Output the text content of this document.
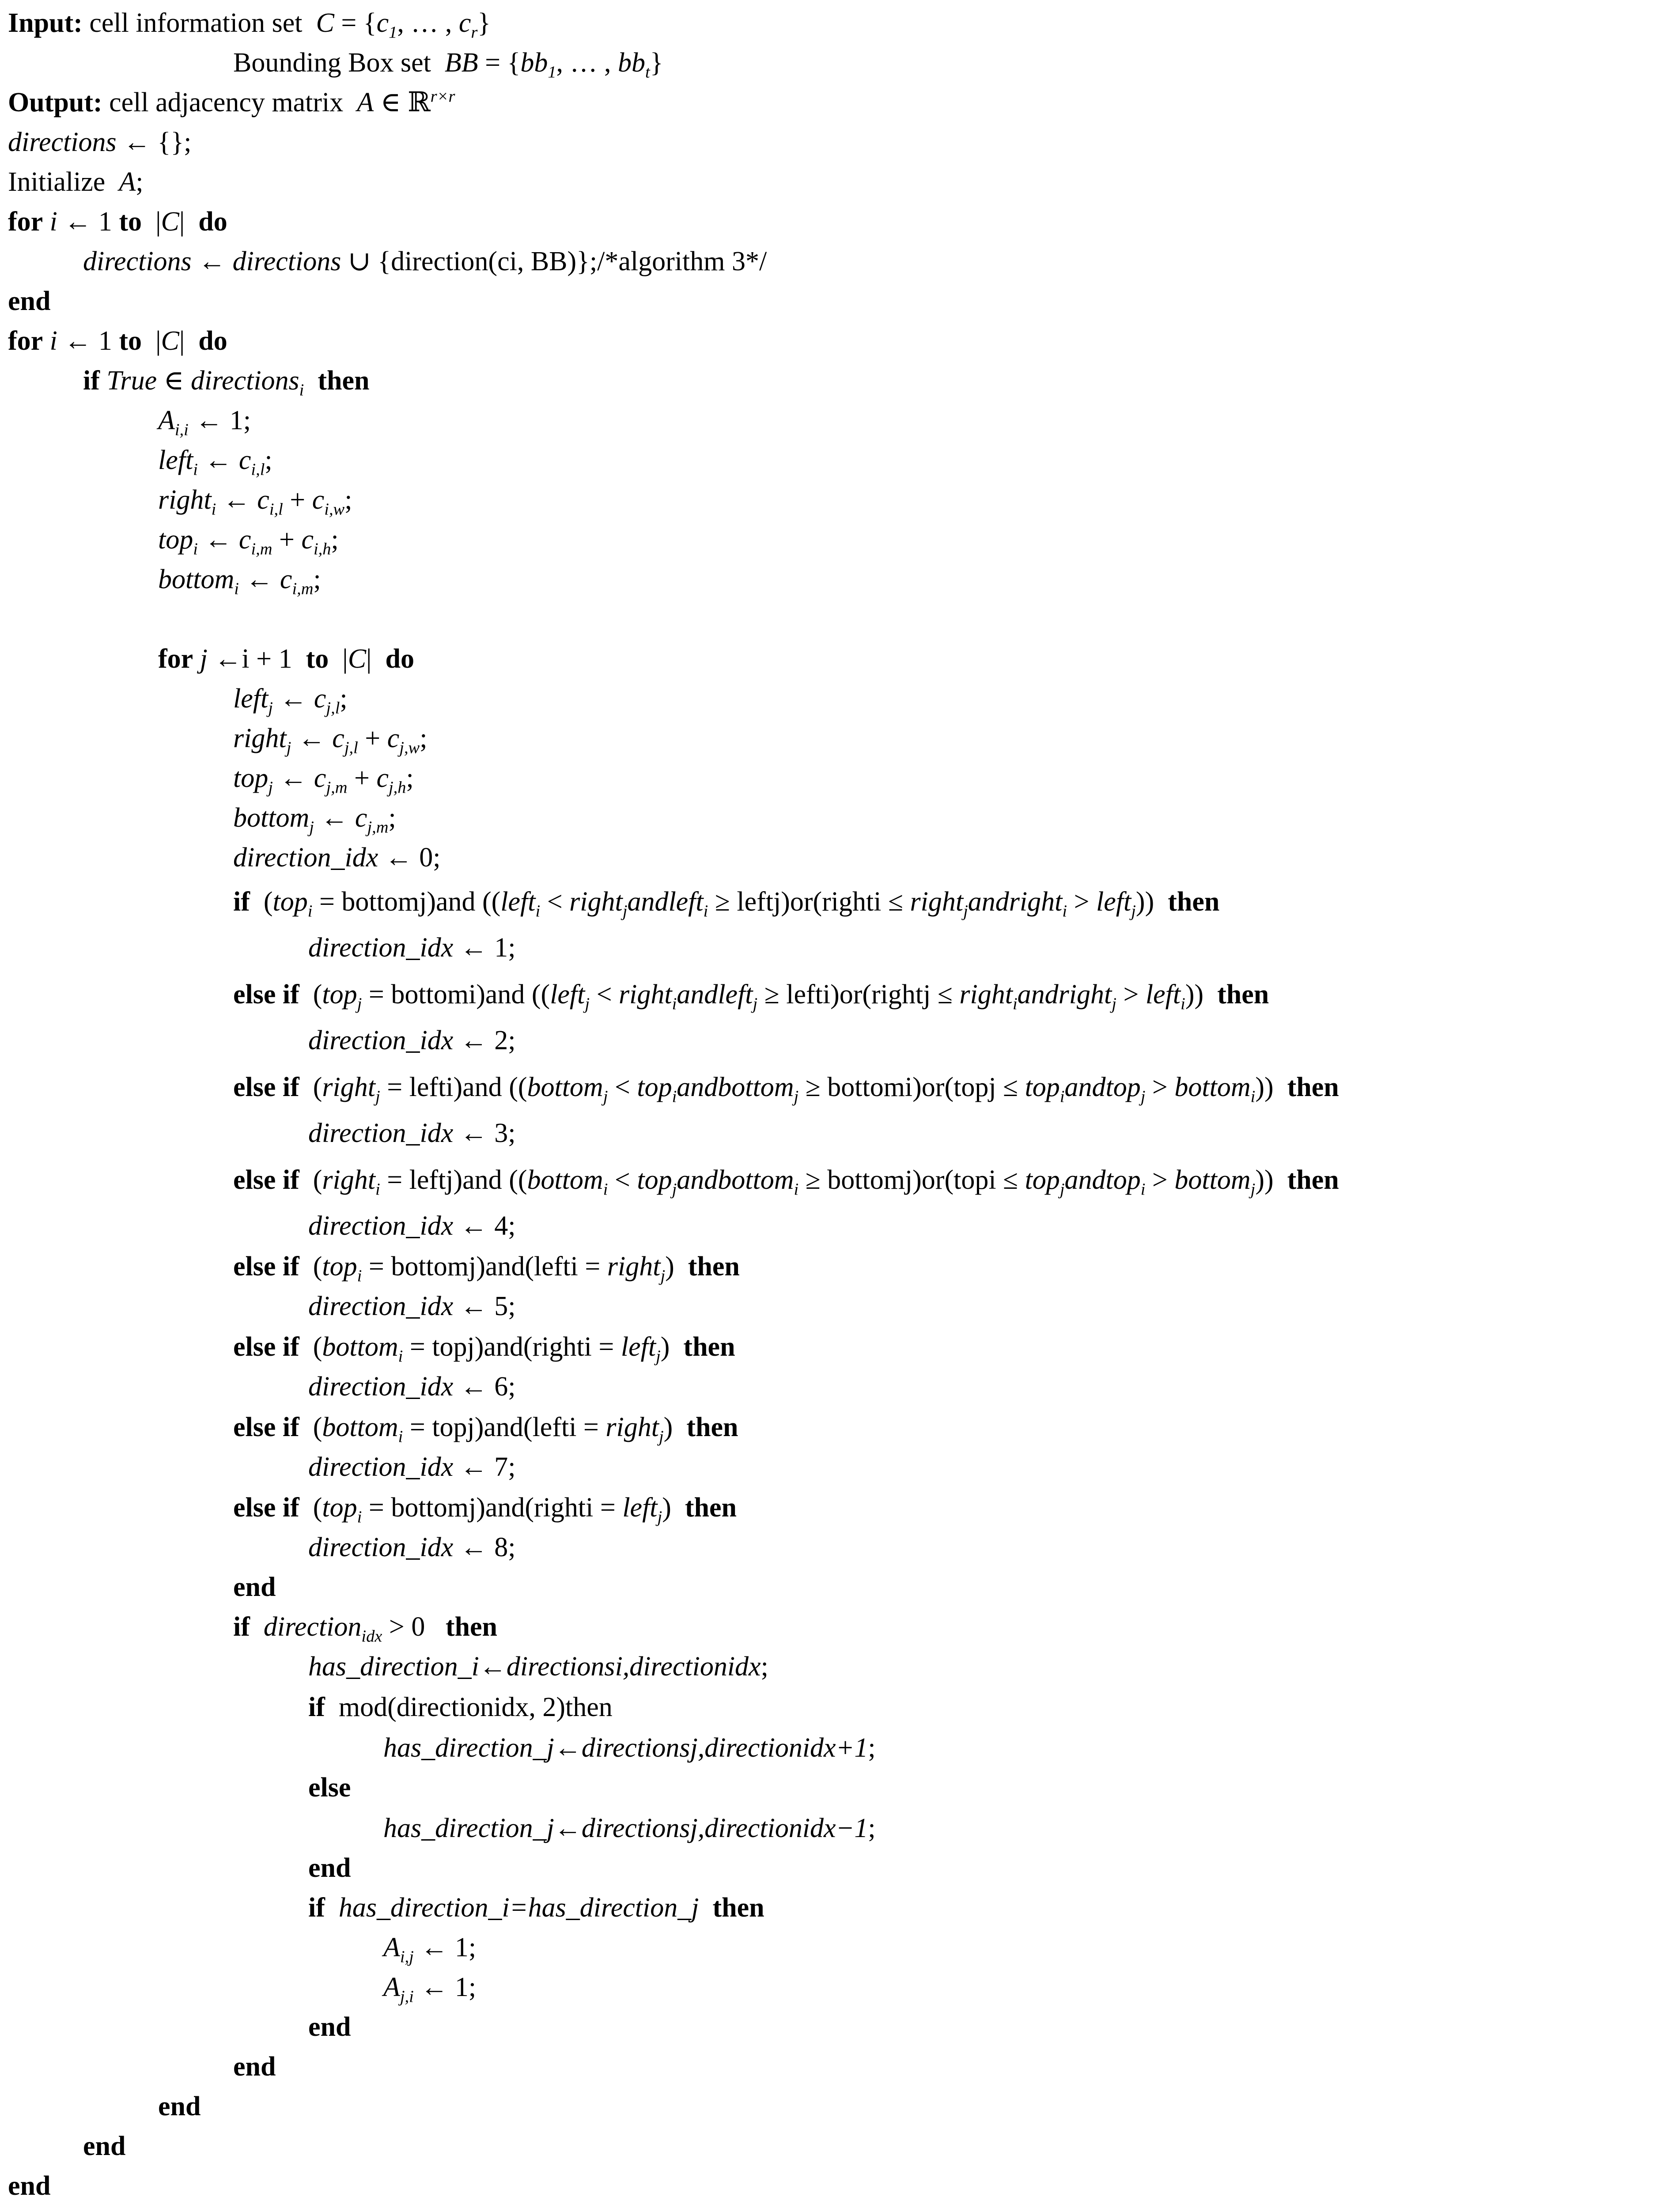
Input: cell information set $C = \{c_1$, … , $c_r$}
Bounding Box set BB = {$bb_1$, … , $bb_t$}
Output: cell adjacency matrix A ∈ ℝ$^{r\times r}$
directions ← {};
Initialize A;
for i ← 1 to |C| do
directions ← directions ∪ {direction(ci, BB)};/*algorithm 3*/
end
for i ← 1 to |C| do
if True ∈ directions$_i$ then
$A_{i,i}$ ← 1;
left$_i$ ← $c_{i,l}$;
right$_i$ ← $c_{i,l} + c_{i,w}$;
top$_i$ ← $c_{i,m} + c_{i,h}$;
bottom$_i$ ← $c_{i,m}$;
for j ←i + 1 to |C| do
left$_j$ ← $c_{j,l}$;
right$_j$ ← $c_{j,l} + c_{j,w}$;
top$_j$ ← $c_{j,m} + c_{j,h}$;
bottom$_j$ ← $c_{j,m}$;
direction_idx ← 0;
if (top$_i$ = bottomj)and ((left$_i$ < right$_j$andleft$_i$ ≥ leftj)or(righti ≤ right$_j$andright$_i$ > left$_j$)) then
direction_idx ← 1;
else if (top$_j$ = bottomi)and ((left$_j$ < right$_i$andleft$_j$ ≥ lefti)or(rightj ≤ right$_i$andright$_j$ > left$_i$)) then
direction_idx ← 2;
else if (right$_j$ = lefti)and ((bottom$_j$ < top$_i$andbottom$_j$ ≥ bottomi)or(topj ≤ top$_i$andtop$_j$ > bottom$_i$)) then
direction_idx ← 3;
else if (right$_i$ = leftj)and ((bottom$_i$ < top$_j$andbottom$_i$ ≥ bottomj)or(topi ≤ top$_j$andtop$_i$ > bottom$_j$)) then
direction_idx ← 4;
else if (top$_i$ = bottomj)and(lefti = right$_j$) then
direction_idx ← 5;
else if (bottom$_i$ = topj)and(righti = left$_j$) then
direction_idx ← 6;
else if (bottom$_i$ = topj)and(lefti = right$_j$) then
direction_idx ← 7;
else if (top$_i$ = bottomj)and(righti = left$_j$) then
direction_idx ← 8;
end
if direction$_{idx}$ > 0 then
has_direction_i←directionsi,directionidx;
if mod(directionidx, 2)then
has_direction_j←directionsj,directionidx+1;
else
has_direction_j←directionsj,directionidx−1;
end
if has_direction_i=has_direction_j then
$A_{i,j}$ ← 1;
$A_{j,i}$ ← 1;
end
end
end
end
end
